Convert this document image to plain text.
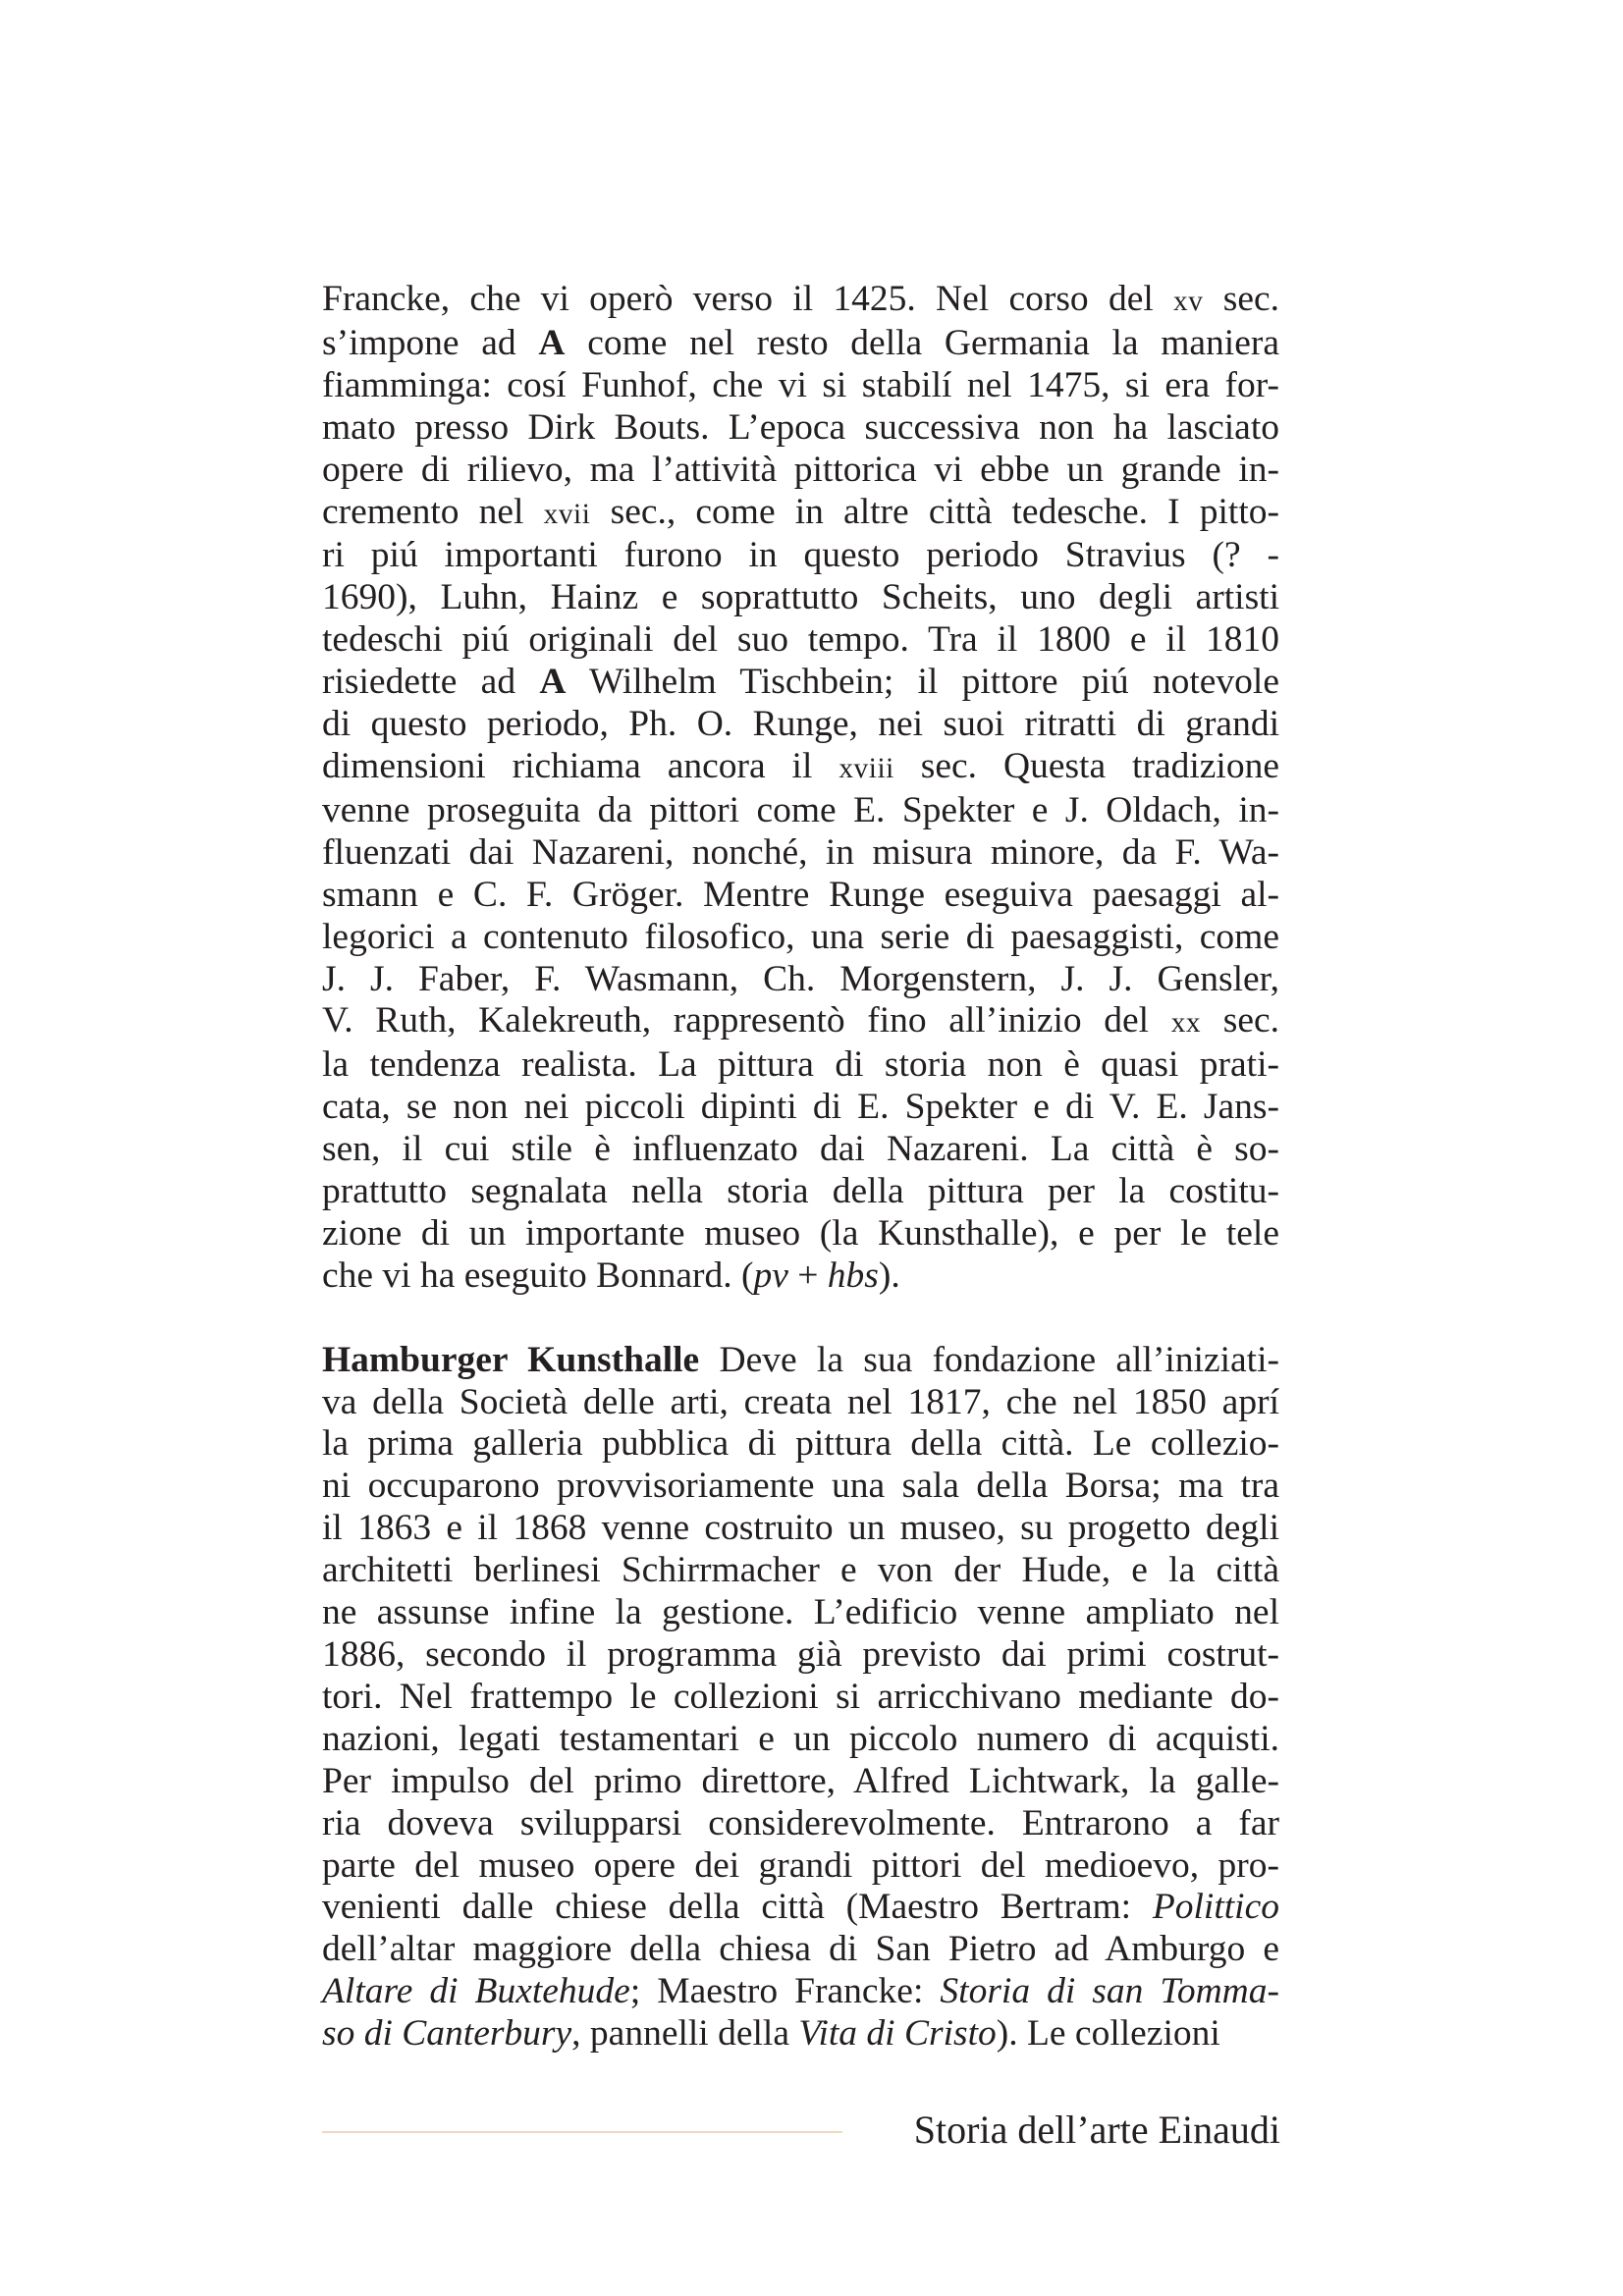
Francke, che vi operò verso il 1425. Nel corso del xv sec.
s’impone ad A come nel resto della Germania la maniera
fiamminga: cosí Funhof, che vi si stabilí nel 1475, si era for-
mato presso Dirk Bouts. L’epoca successiva non ha lasciato
opere di rilievo, ma l’attività pittorica vi ebbe un grande in-
cremento nel xvii sec., come in altre città tedesche. I pitto-
ri piú importanti furono in questo periodo Stravius (? -
1690), Luhn, Hainz e soprattutto Scheits, uno degli artisti
tedeschi piú originali del suo tempo. Tra il 1800 e il 1810
risiedette ad A Wilhelm Tischbein; il pittore piú notevole
di questo periodo, Ph. O. Runge, nei suoi ritratti di grandi
dimensioni richiama ancora il xviii sec. Questa tradizione
venne proseguita da pittori come E. Spekter e J. Oldach, in-
fluenzati dai Nazareni, nonché, in misura minore, da F. Wa-
smann e C. F. Gröger. Mentre Runge eseguiva paesaggi al-
legorici a contenuto filosofico, una serie di paesaggisti, come
J. J. Faber, F. Wasmann, Ch. Morgenstern, J. J. Gensler,
V. Ruth, Kalekreuth, rappresentò fino all’inizio del xx sec.
la tendenza realista. La pittura di storia non è quasi prati-
cata, se non nei piccoli dipinti di E. Spekter e di V. E. Jans-
sen, il cui stile è influenzato dai Nazareni. La città è so-
prattutto segnalata nella storia della pittura per la costitu-
zione di un importante museo (la Kunsthalle), e per le tele
che vi ha eseguito Bonnard. (pv + hbs).
Hamburger Kunsthalle Deve la sua fondazione all’iniziati-
va della Società delle arti, creata nel 1817, che nel 1850 aprí
la prima galleria pubblica di pittura della città. Le collezio-
ni occuparono provvisoriamente una sala della Borsa; ma tra
il 1863 e il 1868 venne costruito un museo, su progetto degli
architetti berlinesi Schirrmacher e von der Hude, e la città
ne assunse infine la gestione. L’edificio venne ampliato nel
1886, secondo il programma già previsto dai primi costrut-
tori. Nel frattempo le collezioni si arricchivano mediante do-
nazioni, legati testamentari e un piccolo numero di acquisti.
Per impulso del primo direttore, Alfred Lichtwark, la galle-
ria doveva svilupparsi considerevolmente. Entrarono a far
parte del museo opere dei grandi pittori del medioevo, pro-
venienti dalle chiese della città (Maestro Bertram: Polittico
dell’altar maggiore della chiesa di San Pietro ad Amburgo e
Altare di Buxtehude; Maestro Francke: Storia di san Tomma-
so di Canterbury, pannelli della Vita di Cristo). Le collezioni
Storia dell’arte Einaudi
